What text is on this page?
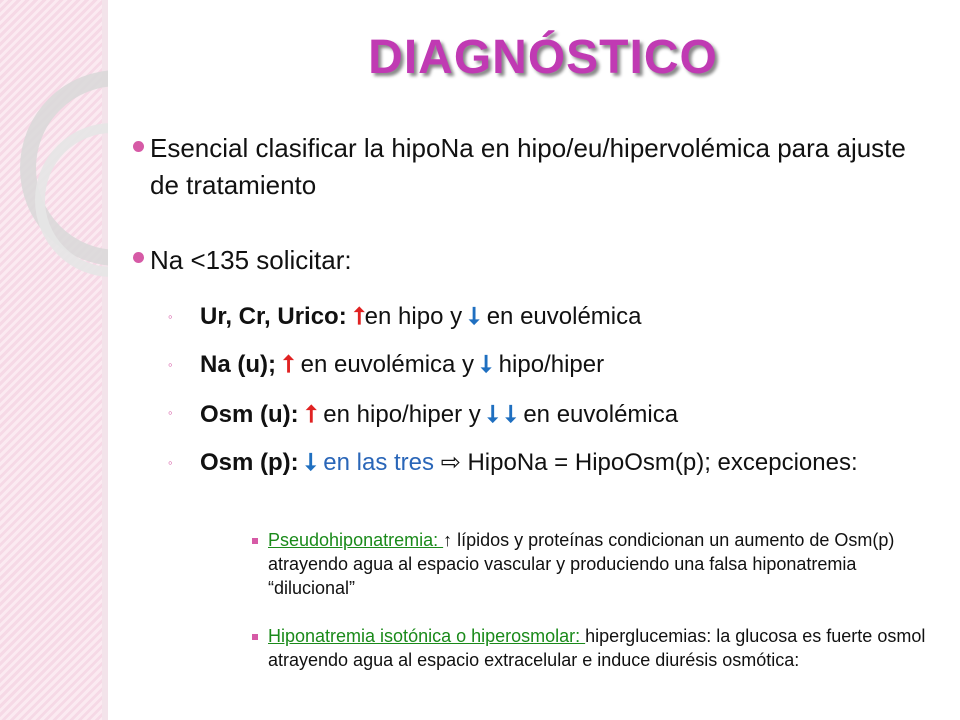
DIAGNÓSTICO
Esencial clasificar la hipoNa en hipo/eu/hipervolémica para ajuste de tratamiento
Na <135 solicitar:
◦ Ur, Cr, Urico: ⭡en hipo y ⭣ en euvolémica
◦ Na (u); ⭡ en euvolémica y ⭣ hipo/hiper
◦ Osm (u): ⭡ en hipo/hiper y ⭣ ⭣ en euvolémica
◦ Osm (p): ⭣ en las tres ⇨ HipoNa = HipoOsm(p); excepciones:
Pseudohiponatremia: ↑ lípidos y proteínas condicionan un aumento de Osm(p) atrayendo agua al espacio vascular y produciendo una falsa hiponatremia “dilucional”
Hiponatremia isotónica o hiperosmolar: hiperglucemias: la glucosa es fuerte osmol atrayendo agua al espacio extracelular e induce diurésis osmótica:
